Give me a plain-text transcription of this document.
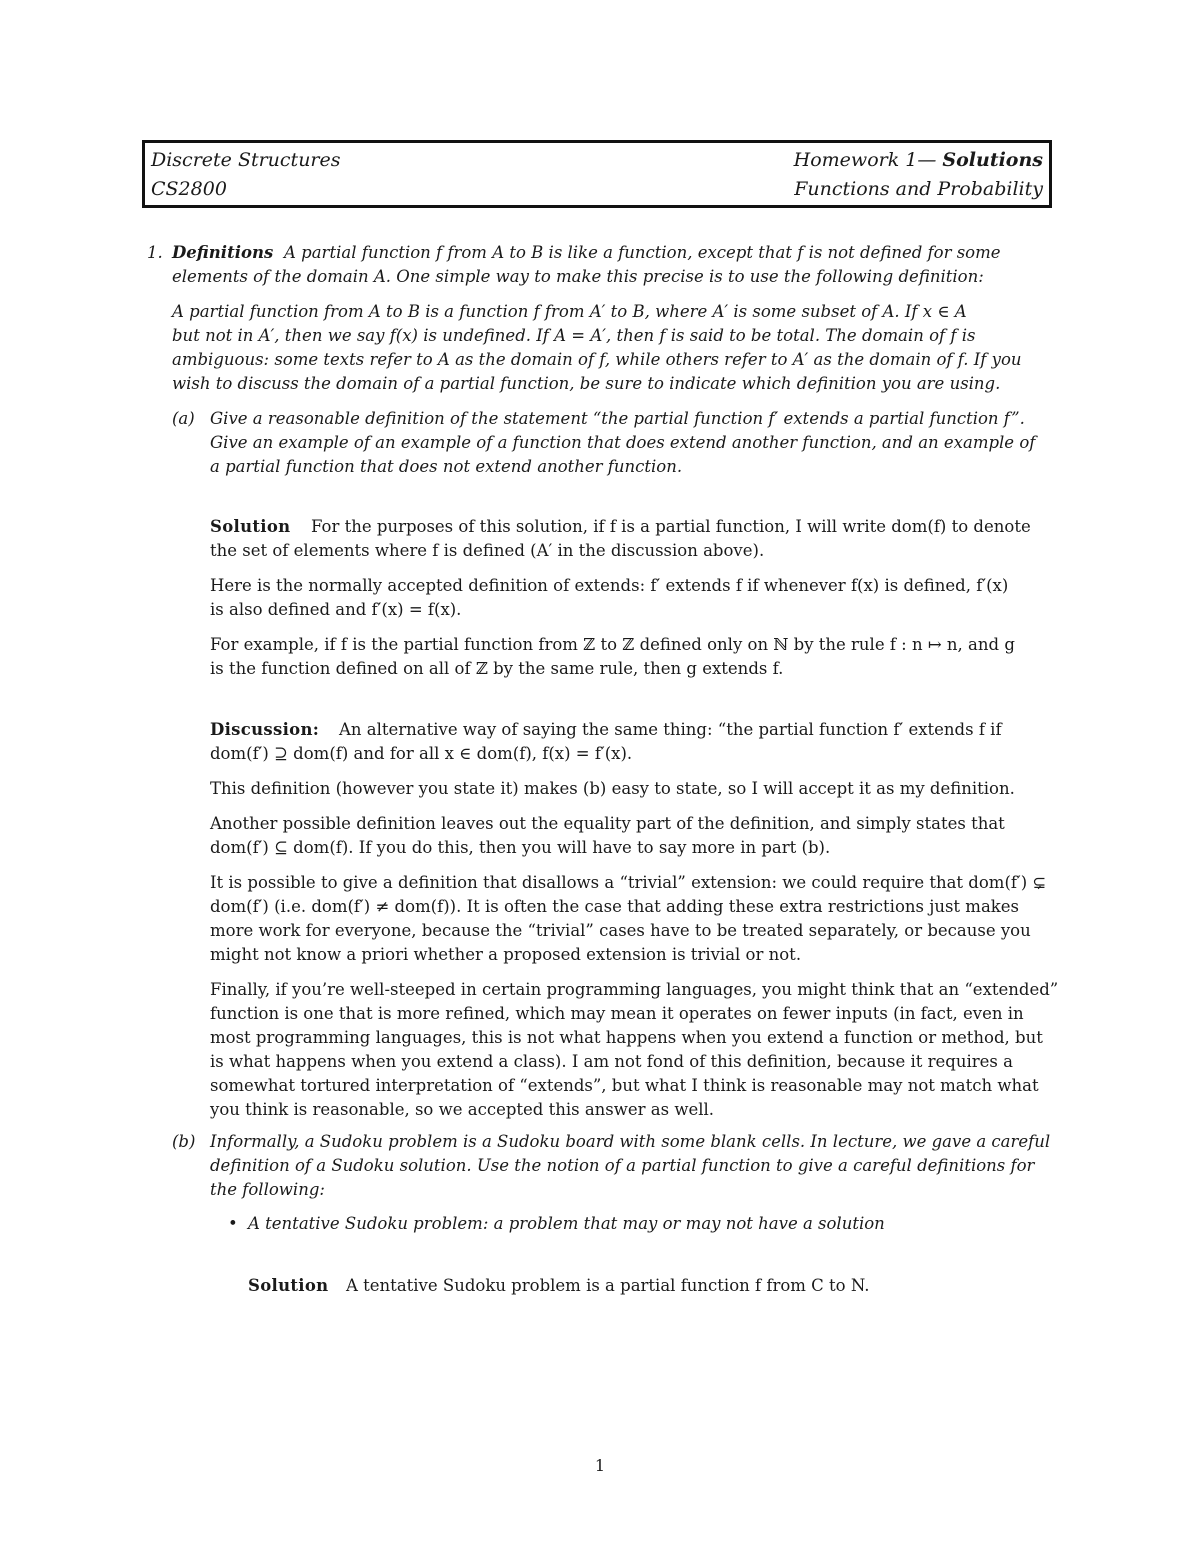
Discrete Structures	Homework 1— Solutions
CS2800	Functions and Probability
1. Definitions A partial function f from A to B is like a function, except that f is not defined for some
elements of the domain A. One simple way to make this precise is to use the following definition:
A partial function from A to B is a function f from A′ to B, where A′ is some subset of A. If x ∈ A
but not in A′, then we say f(x) is undefined. If A = A′, then f is said to be total. The domain of f is
ambiguous: some texts refer to A as the domain of f, while others refer to A′ as the domain of f. If you
wish to discuss the domain of a partial function, be sure to indicate which definition you are using.
(a) Give a reasonable definition of the statement “the partial function f′ extends a partial function f”.
Give an example of an example of a function that does extend another function, and an example of
a partial function that does not extend another function.
Solution For the purposes of this solution, if f is a partial function, I will write dom(f) to denote
the set of elements where f is defined (A′ in the discussion above).
Here is the normally accepted definition of extends: f′ extends f if whenever f(x) is defined, f′(x)
is also defined and f′(x) = f(x).
For example, if f is the partial function from ℤ to ℤ defined only on ℕ by the rule f : n ↦ n, and g
is the function defined on all of ℤ by the same rule, then g extends f.
Discussion: An alternative way of saying the same thing: “the partial function f′ extends f if
dom(f′) ⊇ dom(f) and for all x ∈ dom(f), f(x) = f′(x).
This definition (however you state it) makes (b) easy to state, so I will accept it as my definition.
Another possible definition leaves out the equality part of the definition, and simply states that
dom(f′) ⊆ dom(f). If you do this, then you will have to say more in part (b).
It is possible to give a definition that disallows a “trivial” extension: we could require that dom(f′) ⊊
dom(f′) (i.e. dom(f′) ≠ dom(f)). It is often the case that adding these extra restrictions just makes
more work for everyone, because the “trivial” cases have to be treated separately, or because you
might not know a priori whether a proposed extension is trivial or not.
Finally, if you’re well-steeped in certain programming languages, you might think that an “extended”
function is one that is more refined, which may mean it operates on fewer inputs (in fact, even in
most programming languages, this is not what happens when you extend a function or method, but
is what happens when you extend a class). I am not fond of this definition, because it requires a
somewhat tortured interpretation of “extends”, but what I think is reasonable may not match what
you think is reasonable, so we accepted this answer as well.
(b) Informally, a Sudoku problem is a Sudoku board with some blank cells. In lecture, we gave a careful
definition of a Sudoku solution. Use the notion of a partial function to give a careful definitions for
the following:
• A tentative Sudoku problem: a problem that may or may not have a solution
Solution A tentative Sudoku problem is a partial function f from C to N.
1
